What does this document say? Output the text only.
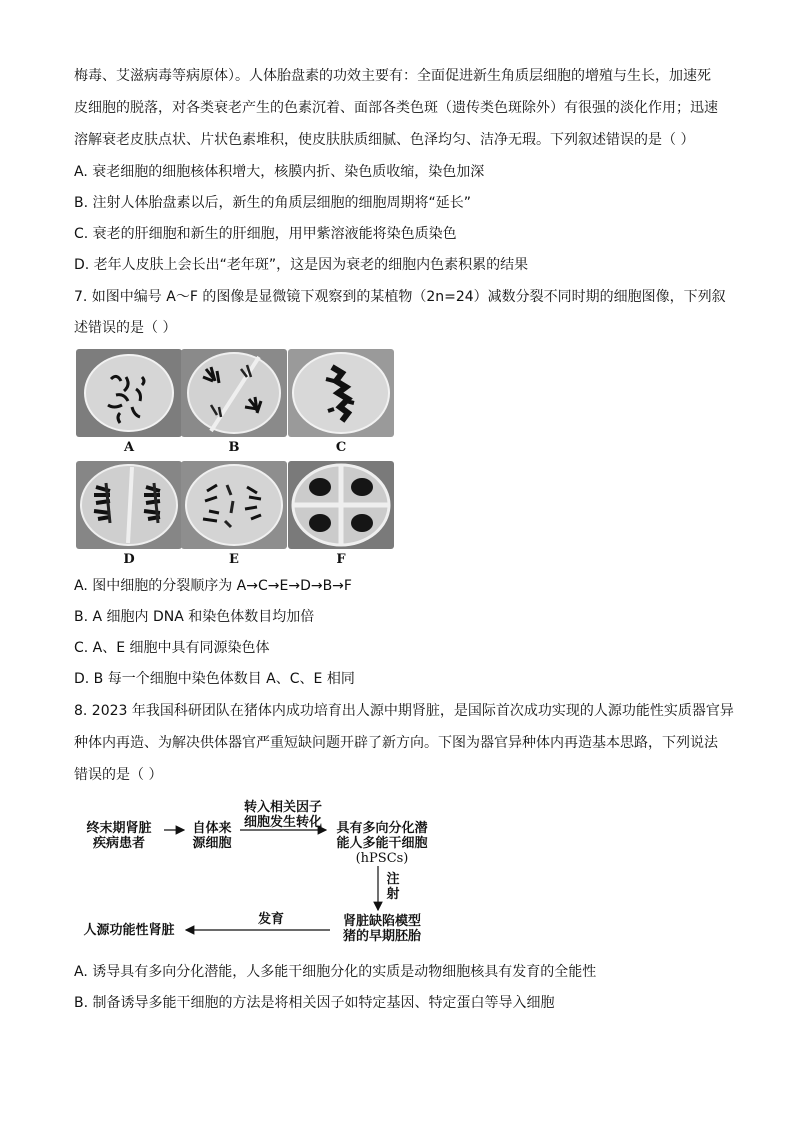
梅毒、艾滋病毒等病原体）。人体胎盘素的功效主要有：全面促进新生角质层细胞的增殖与生长，加速死
皮细胞的脱落，对各类衰老产生的色素沉着、面部各类色斑（遗传类色斑除外）有很强的淡化作用；迅速
溶解衰老皮肤点状、片状色素堆积，使皮肤肤质细腻、色泽均匀、洁净无瑕。下列叙述错误的是（ ）
A. 衰老细胞的细胞核体积增大，核膜内折、染色质收缩，染色加深
B. 注射人体胎盘素以后，新生的角质层细胞的细胞周期将“延长”
C. 衰老的肝细胞和新生的肝细胞，用甲紫溶液能将染色质染色
D. 老年人皮肤上会长出“老年斑”，这是因为衰老的细胞内色素积累的结果
7. 如图中编号 A～F 的图像是显微镜下观察到的某植物（2n=24）减数分裂不同时期的细胞图像，下列叙
述错误的是（ ）
A	B	C
D	E	F
A. 图中细胞的分裂顺序为 A→C→E→D→B→F
B. A 细胞内 DNA 和染色体数目均加倍
C. A、E 细胞中具有同源染色体
D. B 每一个细胞中染色体数目 A、C、E 相同
8. 2023 年我国科研团队在猪体内成功培育出人源中期肾脏，是国际首次成功实现的人源功能性实质器官异
种体内再造、为解决供体器官严重短缺问题开辟了新方向。下图为器官异种体内再造基本思路，下列说法
错误的是（ ）
终末期肾脏
疾病患者
自体来
源细胞
转入相关因子
细胞发生转化	具有多向分化潜
能人多能干细胞
(hPSCs)
注
射
肾脏缺陷模型
猪的早期胚胎
发育
人源功能性肾脏
A. 诱导具有多向分化潜能，人多能干细胞分化的实质是动物细胞核具有发育的全能性
B. 制备诱导多能干细胞的方法是将相关因子如特定基因、特定蛋白等导入细胞
